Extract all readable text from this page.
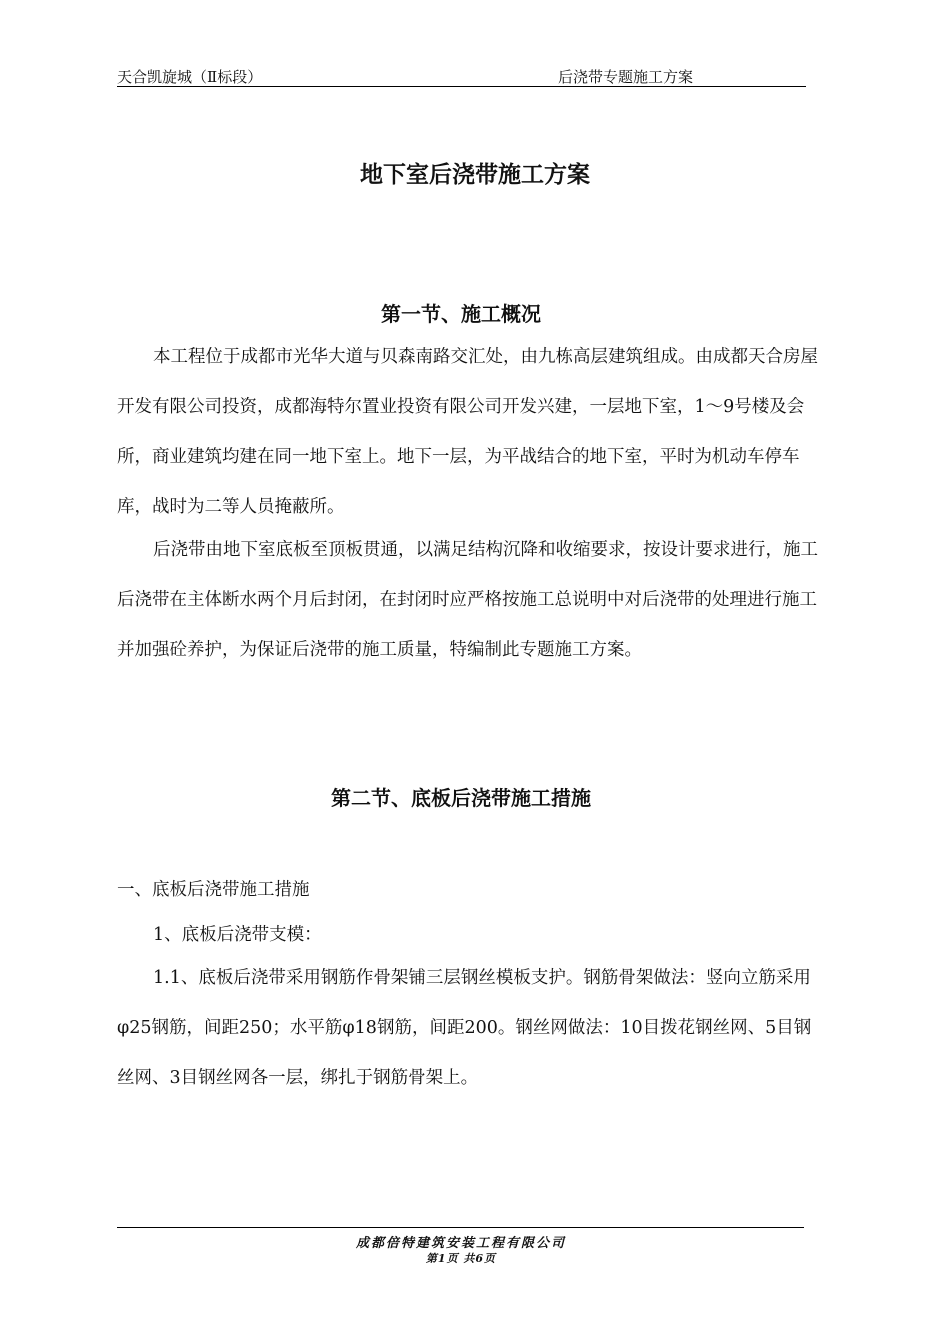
天合凯旋城（Ⅱ标段）	后浇带专题施工方案
地下室后浇带施工方案
第一节、施工概况

本工程位于成都市光华大道与贝森南路交汇处，由九栋高层建筑组成。由成都天合房屋开发有限公司投资，成都海特尔置业投资有限公司开发兴建，一层地下室，1～9号楼及会所，商业建筑均建在同一地下室上。地下一层，为平战结合的地下室，平时为机动车停车库，战时为二等人员掩蔽所。

后浇带由地下室底板至顶板贯通，以满足结构沉降和收缩要求，按设计要求进行，施工后浇带在主体断水两个月后封闭，在封闭时应严格按施工总说明中对后浇带的处理进行施工并加强砼养护，为保证后浇带的施工质量，特编制此专题施工方案。

第二节、底板后浇带施工措施

一、底板后浇带施工措施

1、底板后浇带支模：

1.1、底板后浇带采用钢筋作骨架铺三层钢丝模板支护。钢筋骨架做法：竖向立筋采用φ25钢筋，间距250；水平筋φ18钢筋，间距200。钢丝网做法：10目拨花钢丝网、5目钢丝网、3目钢丝网各一层，绑扎于钢筋骨架上。

成都倍特建筑安装工程有限公司
第1页 共6页
